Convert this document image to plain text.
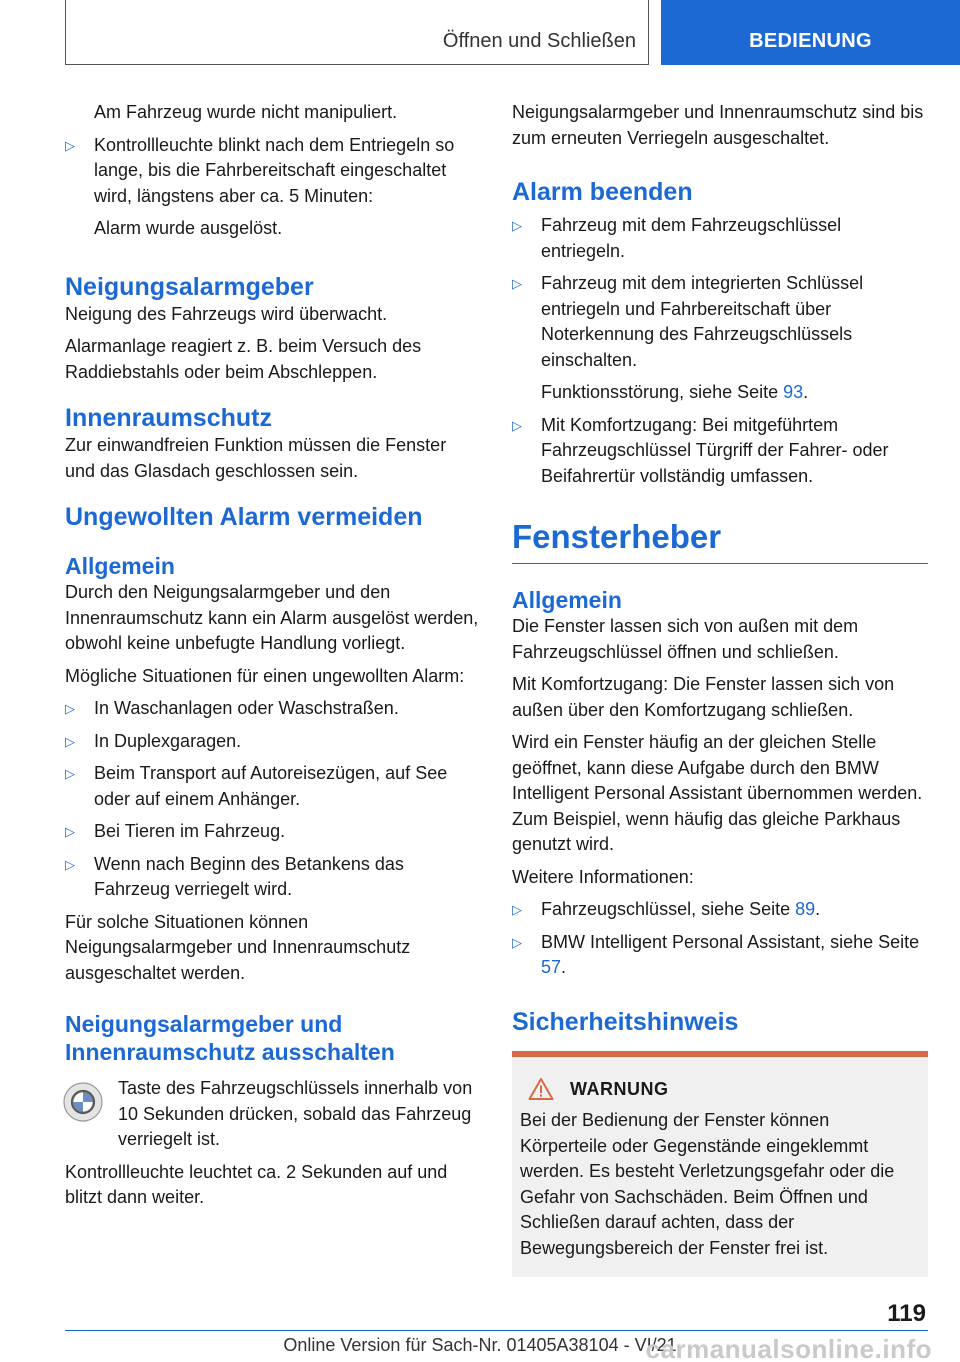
Öffnen und Schließen	BEDIENUNG

Am Fahrzeug wurde nicht manipuliert.

▷ Kontrollleuchte blinkt nach dem Entriegeln so lange, bis die Fahrbereitschaft eingeschaltet wird, längstens aber ca. 5 Minuten:

Alarm wurde ausgelöst.

Neigungsalarmgeber

Neigung des Fahrzeugs wird überwacht.

Alarmanlage reagiert z. B. beim Versuch des Raddiebstahls oder beim Abschleppen.

Innenraumschutz

Zur einwandfreien Funktion müssen die Fenster und das Glasdach geschlossen sein.

Ungewollten Alarm vermeiden
Allgemein

Durch den Neigungsalarmgeber und den Innenraumschutz kann ein Alarm ausgelöst werden, obwohl keine unbefugte Handlung vorliegt.

Mögliche Situationen für einen ungewollten Alarm:

▷ In Waschanlagen oder Waschstraßen.
▷ In Duplexgaragen.
▷ Beim Transport auf Autoreisezügen, auf See oder auf einem Anhänger.
▷ Bei Tieren im Fahrzeug.
▷ Wenn nach Beginn des Betankens das Fahrzeug verriegelt wird.

Für solche Situationen können Neigungsalarmgeber und Innenraumschutz ausgeschaltet werden.

Neigungsalarmgeber und Innenraumschutz ausschalten

Taste des Fahrzeugschlüssels innerhalb von 10 Sekunden drücken, sobald das Fahrzeug verriegelt ist.

Kontrollleuchte leuchtet ca. 2 Sekunden auf und blitzt dann weiter.

Neigungsalarmgeber und Innenraumschutz sind bis zum erneuten Verriegeln ausgeschaltet.

Alarm beenden
▷ Fahrzeug mit dem Fahrzeugschlüssel entriegeln.
▷ Fahrzeug mit dem integrierten Schlüssel entriegeln und Fahrbereitschaft über Noterkennung des Fahrzeugschlüssels einschalten.

Funktionsstörung, siehe Seite 93.

▷ Mit Komfortzugang: Bei mitgeführtem Fahrzeugschlüssel Türgriff der Fahrer- oder Beifahrertür vollständig umfassen.
Fensterheber
Allgemein

Die Fenster lassen sich von außen mit dem Fahrzeugschlüssel öffnen und schließen.

Mit Komfortzugang: Die Fenster lassen sich von außen über den Komfortzugang schließen.

Wird ein Fenster häufig an der gleichen Stelle geöffnet, kann diese Aufgabe durch den BMW Intelligent Personal Assistant übernommen werden. Zum Beispiel, wenn häufig das gleiche Parkhaus genutzt wird.

Weitere Informationen:

▷ Fahrzeugschlüssel, siehe Seite 89.
▷ BMW Intelligent Personal Assistant, siehe Seite 57.
Sicherheitshinweis
WARNUNG

Bei der Bedienung der Fenster können Körperteile oder Gegenstände eingeklemmt werden. Es besteht Verletzungsgefahr oder die Gefahr von Sachschäden. Beim Öffnen und Schließen darauf achten, dass der Bewegungsbereich der Fenster frei ist.

119
Online Version für Sach-Nr. 01405A38104 - VI/21
carmanualsonline.info
